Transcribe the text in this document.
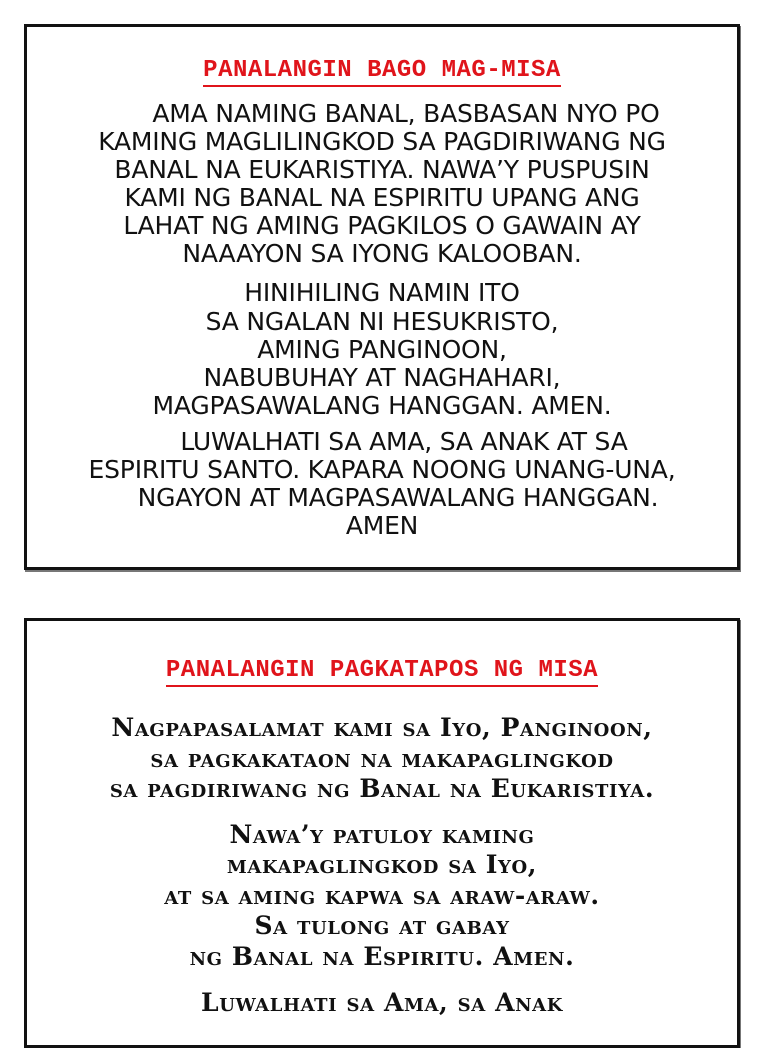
PANALANGIN BAGO MAG-MISA
AMA NAMING BANAL, BASBASAN NYO PO
KAMING MAGLILINGKOD SA PAGDIRIWANG NG
BANAL NA EUKARISTIYA. NAWA’Y PUSPUSIN
KAMI NG BANAL NA ESPIRITU UPANG ANG
LAHAT NG AMING PAGKILOS O GAWAIN AY
NAAAYON SA IYONG KALOOBAN.
HINIHILING NAMIN ITO
SA NGALAN NI HESUKRISTO,
AMING PANGINOON,
NABUBUHAY AT NAGHAHARI,
MAGPASAWALANG HANGGAN. AMEN.
LUWALHATI SA AMA, SA ANAK AT SA
ESPIRITU SANTO. KAPARA NOONG UNANG-UNA,
NGAYON AT MAGPASAWALANG HANGGAN.
AMEN
PANALANGIN PAGKATAPOS NG MISA
Nagpapasalamat kami sa Iyo, Panginoon,
sa pagkakataon na makapaglingkod
sa pagdiriwang ng Banal na Eukaristiya.
Nawa’y patuloy kaming
makapaglingkod sa Iyo,
at sa aming kapwa sa araw-araw.
Sa tulong at gabay
ng Banal na Espiritu. Amen.
Luwalhati sa Ama, sa Anak
